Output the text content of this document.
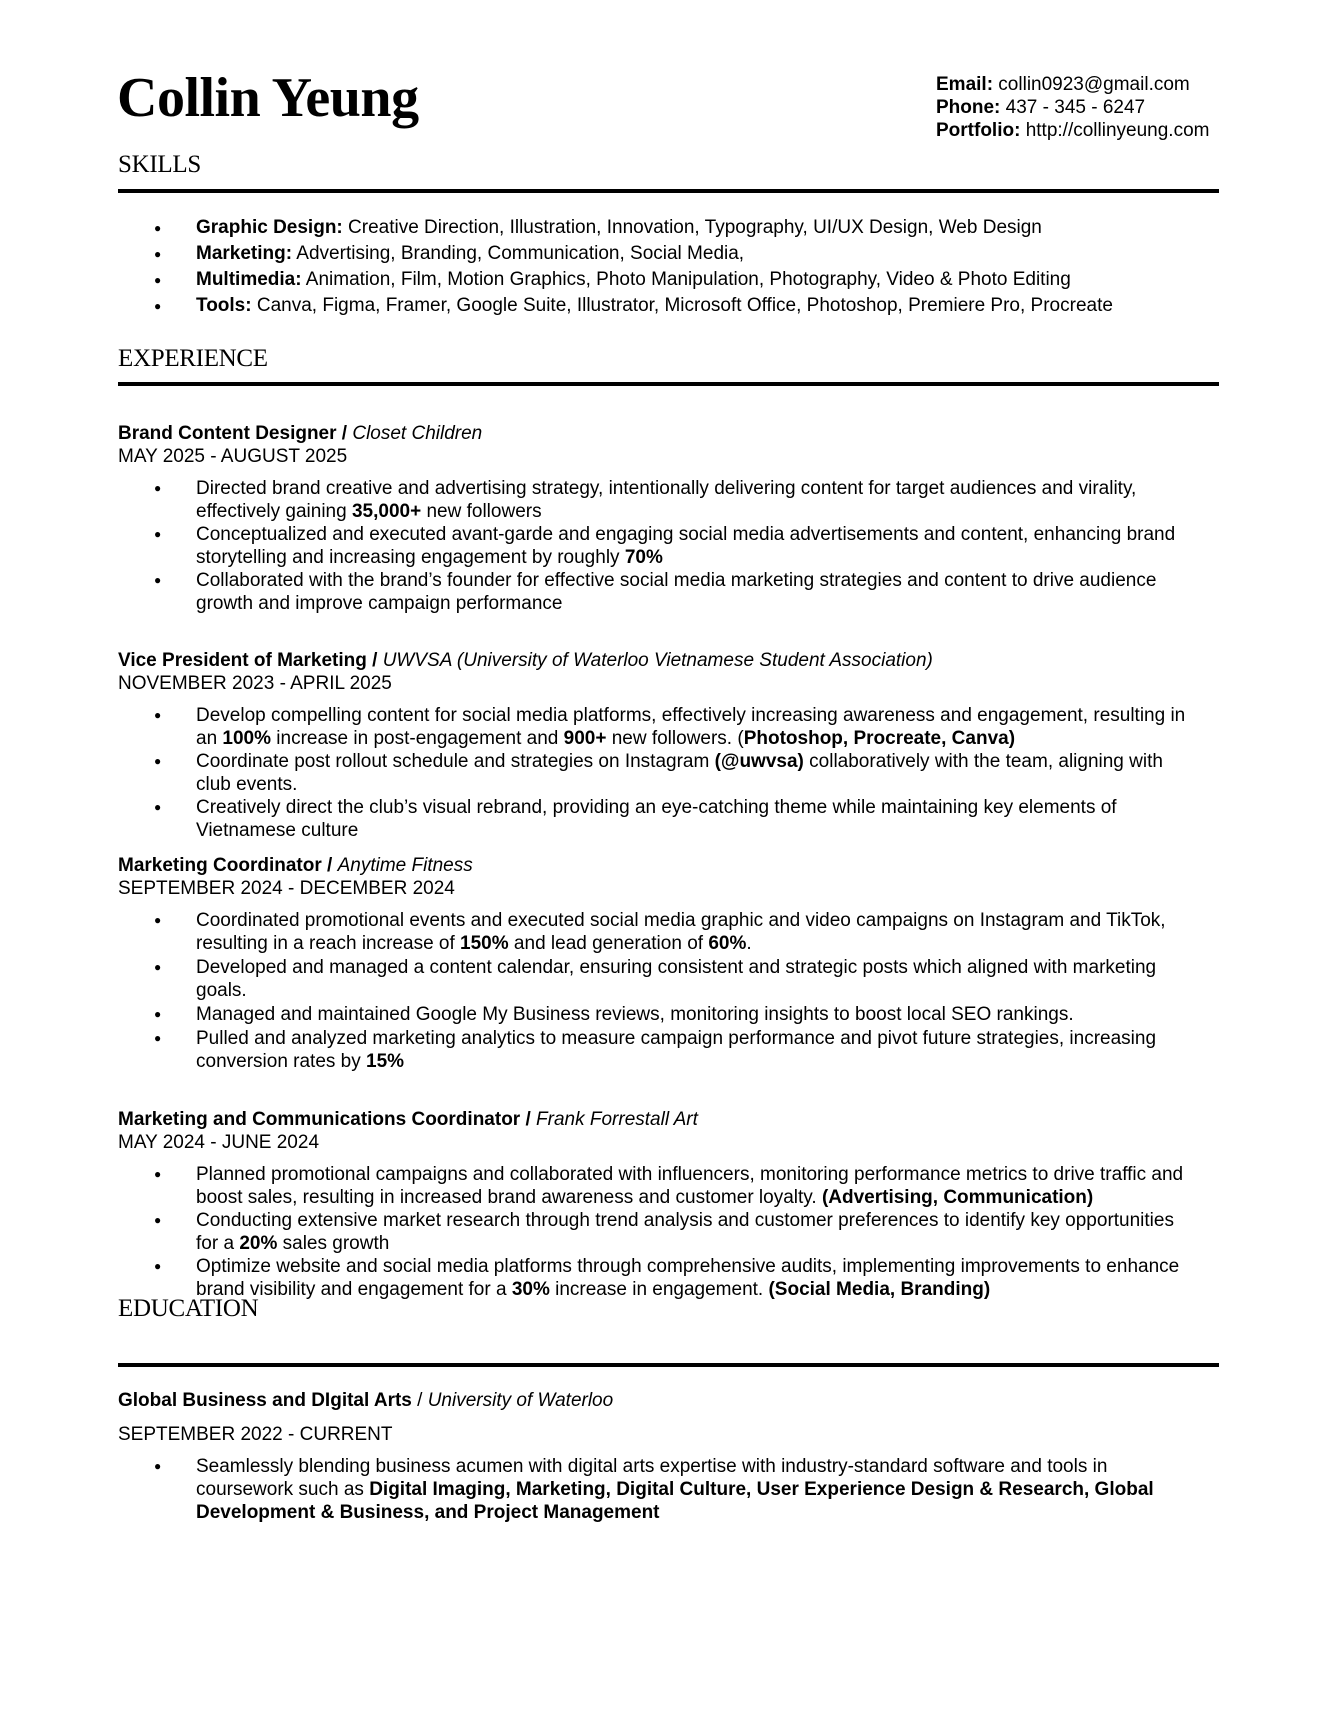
Collin Yeung	Email: collin0923@gmail.com
Phone: 437 - 345 - 6247
Portfolio: http://collinyeung.com
SKILLS
● Graphic Design: Creative Direction, Illustration, Innovation, Typography, UI/UX Design, Web Design
● Marketing: Advertising, Branding, Communication, Social Media,
● Multimedia: Animation, Film, Motion Graphics, Photo Manipulation, Photography, Video & Photo Editing
● Tools: Canva, Figma, Framer, Google Suite, Illustrator, Microsoft Office, Photoshop, Premiere Pro, Procreate
EXPERIENCE
Brand Content Designer / Closet Children
MAY 2025 - AUGUST 2025
● Directed brand creative and advertising strategy, intentionally delivering content for target audiences and virality, effectively gaining 35,000+ new followers
● Conceptualized and executed avant-garde and engaging social media advertisements and content, enhancing brand storytelling and increasing engagement by roughly 70%
● Collaborated with the brand’s founder for effective social media marketing strategies and content to drive audience growth and improve campaign performance
Vice President of Marketing / UWVSA (University of Waterloo Vietnamese Student Association)
NOVEMBER 2023 - APRIL 2025
● Develop compelling content for social media platforms, effectively increasing awareness and engagement, resulting in an 100% increase in post-engagement and 900+ new followers. (Photoshop, Procreate, Canva)
● Coordinate post rollout schedule and strategies on Instagram (@uwvsa) collaboratively with the team, aligning with club events.
● Creatively direct the club’s visual rebrand, providing an eye-catching theme while maintaining key elements of Vietnamese culture
Marketing Coordinator / Anytime Fitness
SEPTEMBER 2024 - DECEMBER 2024
● Coordinated promotional events and executed social media graphic and video campaigns on Instagram and TikTok, resulting in a reach increase of 150% and lead generation of 60%.
● Developed and managed a content calendar, ensuring consistent and strategic posts which aligned with marketing goals.
● Managed and maintained Google My Business reviews, monitoring insights to boost local SEO rankings.
● Pulled and analyzed marketing analytics to measure campaign performance and pivot future strategies, increasing conversion rates by 15%
Marketing and Communications Coordinator / Frank Forrestall Art
MAY 2024 - JUNE 2024
● Planned promotional campaigns and collaborated with influencers, monitoring performance metrics to drive traffic and boost sales, resulting in increased brand awareness and customer loyalty. (Advertising, Communication)
● Conducting extensive market research through trend analysis and customer preferences to identify key opportunities for a 20% sales growth
● Optimize website and social media platforms through comprehensive audits, implementing improvements to enhance brand visibility and engagement for a 30% increase in engagement. (Social Media, Branding)
EDUCATION
Global Business and DIgital Arts / University of Waterloo
SEPTEMBER 2022 - CURRENT
● Seamlessly blending business acumen with digital arts expertise with industry-standard software and tools in coursework such as Digital Imaging, Marketing, Digital Culture, User Experience Design & Research, Global Development & Business, and Project Management
